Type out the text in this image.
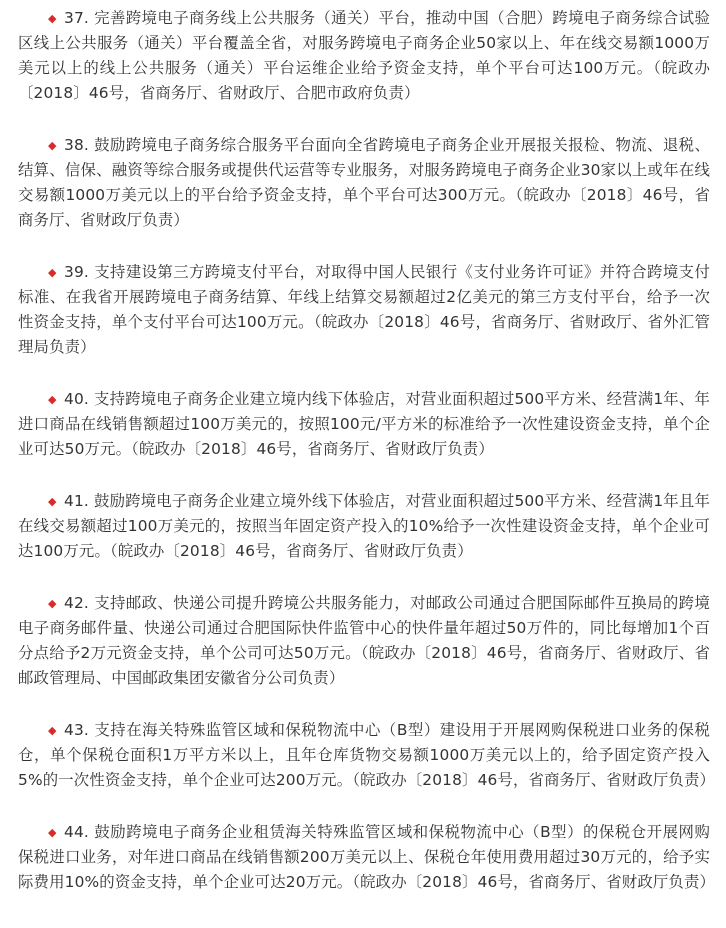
◆ 37. 完善跨境电子商务线上公共服务（通关）平台，推动中国（合肥）跨境电子商务综合试验区线上公共服务（通关）平台覆盖全省，对服务跨境电子商务企业50家以上、年在线交易额1000万美元以上的线上公共服务（通关）平台运维企业给予资金支持，单个平台可达100万元。（皖政办〔2018〕46号，省商务厅、省财政厅、合肥市政府负责）

◆ 38. 鼓励跨境电子商务综合服务平台面向全省跨境电子商务企业开展报关报检、物流、退税、结算、信保、融资等综合服务或提供代运营等专业服务，对服务跨境电子商务企业30家以上或年在线交易额1000万美元以上的平台给予资金支持，单个平台可达300万元。（皖政办〔2018〕46号，省商务厅、省财政厅负责）

◆ 39. 支持建设第三方跨境支付平台，对取得中国人民银行《支付业务许可证》并符合跨境支付标准、在我省开展跨境电子商务结算、年线上结算交易额超过2亿美元的第三方支付平台，给予一次性资金支持，单个支付平台可达100万元。（皖政办〔2018〕46号，省商务厅、省财政厅、省外汇管理局负责）

◆ 40. 支持跨境电子商务企业建立境内线下体验店，对营业面积超过500平方米、经营满1年、年进口商品在线销售额超过100万美元的，按照100元/平方米的标准给予一次性建设资金支持，单个企业可达50万元。（皖政办〔2018〕46号，省商务厅、省财政厅负责）

◆ 41. 鼓励跨境电子商务企业建立境外线下体验店，对营业面积超过500平方米、经营满1年且年在线交易额超过100万美元的，按照当年固定资产投入的10%给予一次性建设资金支持，单个企业可达100万元。（皖政办〔2018〕46号，省商务厅、省财政厅负责）

◆ 42. 支持邮政、快递公司提升跨境公共服务能力，对邮政公司通过合肥国际邮件互换局的跨境电子商务邮件量、快递公司通过合肥国际快件监管中心的快件量年超过50万件的，同比每增加1个百分点给予2万元资金支持，单个公司可达50万元。（皖政办〔2018〕46号，省商务厅、省财政厅、省邮政管理局、中国邮政集团安徽省分公司负责）

◆ 43. 支持在海关特殊监管区域和保税物流中心（B型）建设用于开展网购保税进口业务的保税仓，单个保税仓面积1万平方米以上，且年仓库货物交易额1000万美元以上的，给予固定资产投入5%的一次性资金支持，单个企业可达200万元。（皖政办〔2018〕46号，省商务厅、省财政厅负责）

◆ 44. 鼓励跨境电子商务企业租赁海关特殊监管区域和保税物流中心（B型）的保税仓开展网购保税进口业务，对年进口商品在线销售额200万美元以上、保税仓年使用费用超过30万元的，给予实际费用10%的资金支持，单个企业可达20万元。（皖政办〔2018〕46号，省商务厅、省财政厅负责）
